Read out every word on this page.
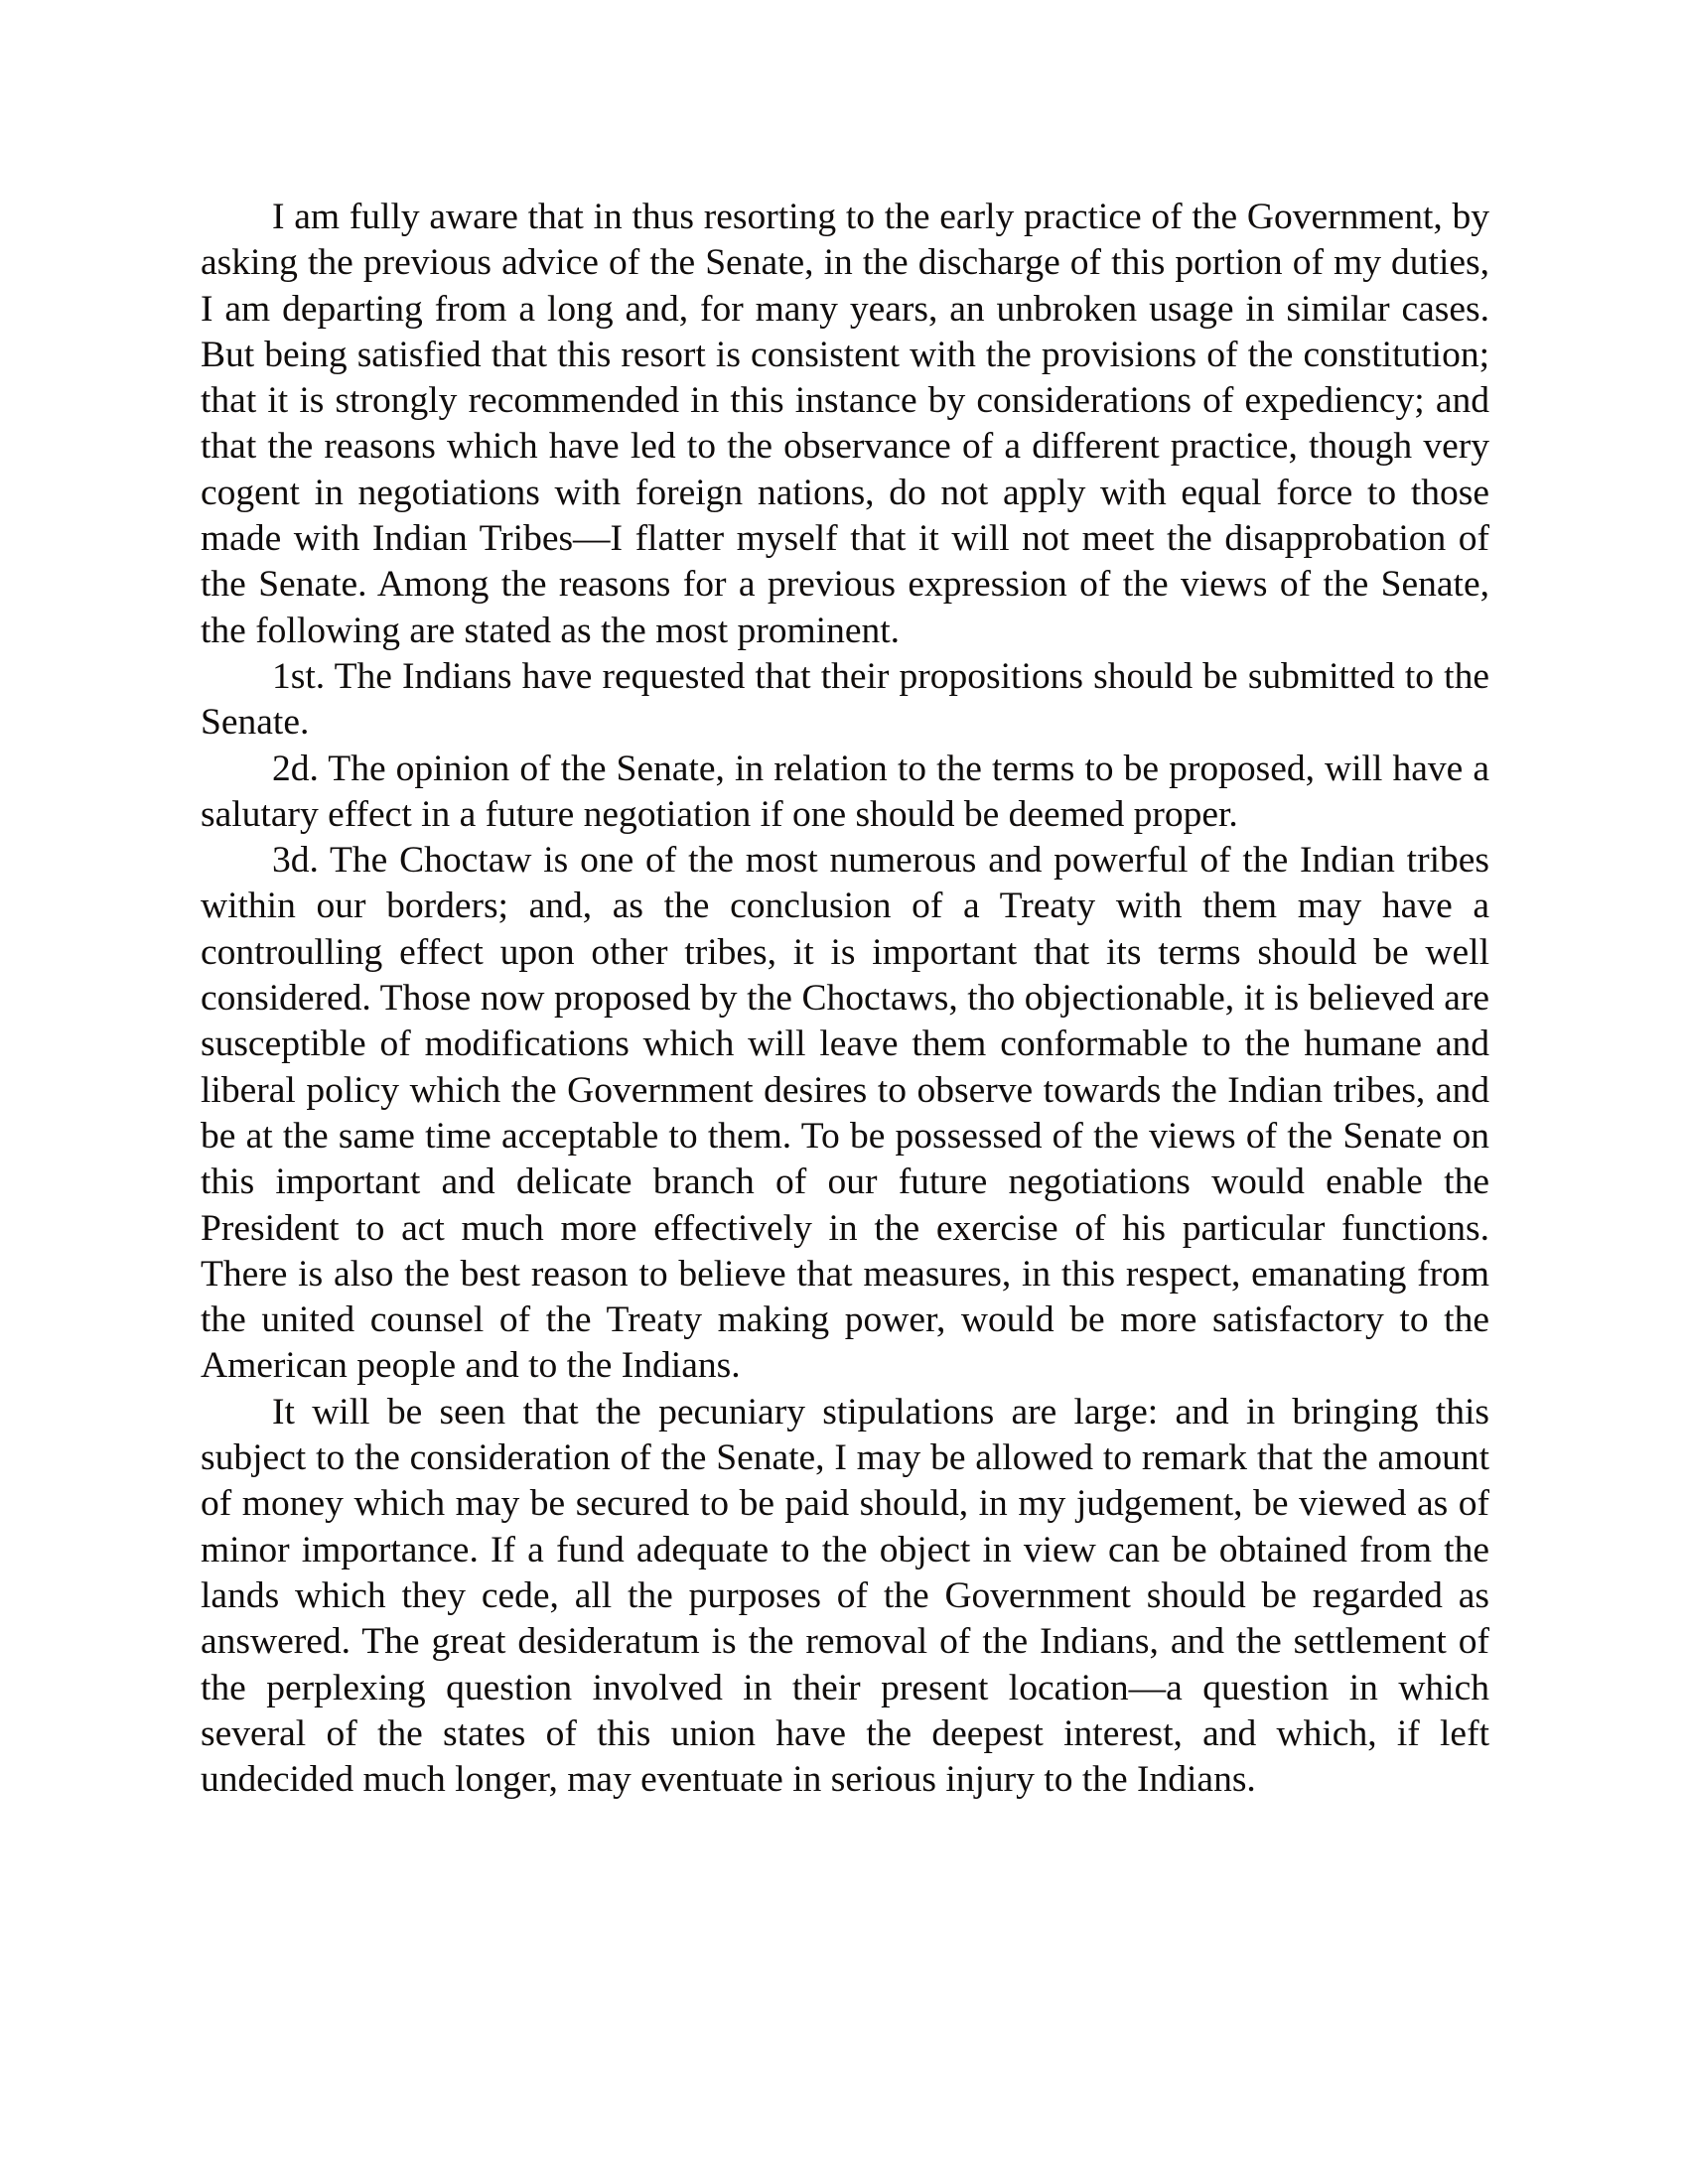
I am fully aware that in thus resorting to the early practice of the Government, by asking the previous advice of the Senate, in the discharge of this portion of my duties, I am departing from a long and, for many years, an unbroken usage in similar cases. But being satisfied that this resort is consistent with the provisions of the constitution; that it is strongly recommended in this instance by considerations of expediency; and that the reasons which have led to the observance of a different practice, though very cogent in negotiations with foreign nations, do not apply with equal force to those made with Indian Tribes—I flatter myself that it will not meet the disapprobation of the Senate. Among the reasons for a previous expression of the views of the Senate, the following are stated as the most prominent.

1st. The Indians have requested that their propositions should be submitted to the Senate.

2d. The opinion of the Senate, in relation to the terms to be proposed, will have a salutary effect in a future negotiation if one should be deemed proper.

3d. The Choctaw is one of the most numerous and powerful of the Indian tribes within our borders; and, as the conclusion of a Treaty with them may have a controulling effect upon other tribes, it is important that its terms should be well considered. Those now proposed by the Choctaws, tho objectionable, it is believed are susceptible of modifications which will leave them conformable to the humane and liberal policy which the Government desires to observe towards the Indian tribes, and be at the same time acceptable to them. To be possessed of the views of the Senate on this important and delicate branch of our future negotiations would enable the President to act much more effectively in the exercise of his particular functions. There is also the best reason to believe that measures, in this respect, emanating from the united counsel of the Treaty making power, would be more satisfactory to the American people and to the Indians.

It will be seen that the pecuniary stipulations are large: and in bringing this subject to the consideration of the Senate, I may be allowed to remark that the amount of money which may be secured to be paid should, in my judgement, be viewed as of minor importance. If a fund adequate to the object in view can be obtained from the lands which they cede, all the purposes of the Government should be regarded as answered. The great desideratum is the removal of the Indians, and the settlement of the perplexing question involved in their present location—a question in which several of the states of this union have the deepest interest, and which, if left undecided much longer, may eventuate in serious injury to the Indians.
